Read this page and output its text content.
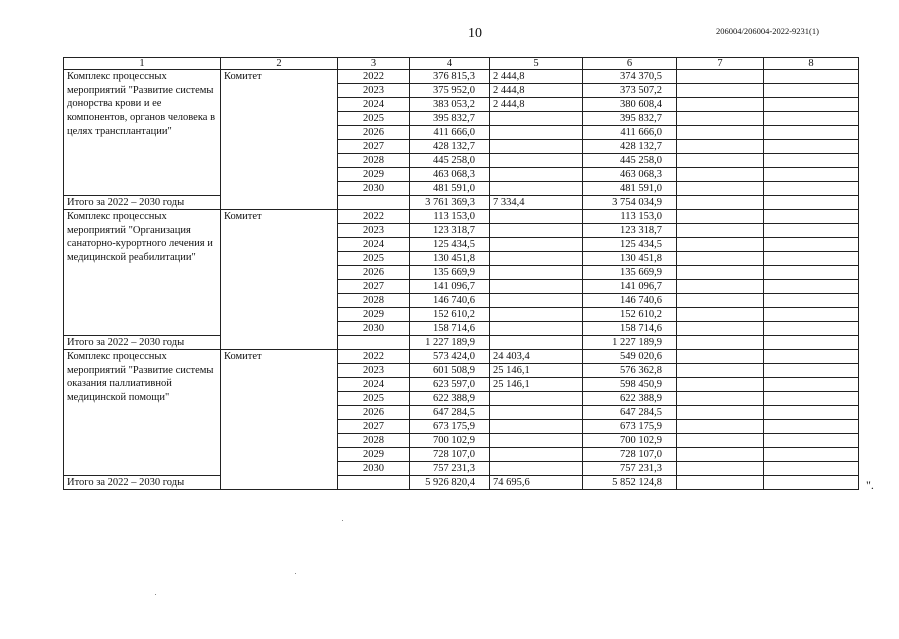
10	206004/206004-2022-9231(1)
1	2	3	4	5	6	7	8
Комплекс процессных мероприятий "Развитие системы донорства крови и ее компонентов, органов человека в целях трансплантации"	Комитет	2022	376 815,3	2 444,8	374 370,5		
		2023	375 952,0	2 444,8	373 507,2		
		2024	383 053,2	2 444,8	380 608,4		
		2025	395 832,7		395 832,7		
		2026	411 666,0		411 666,0		
		2027	428 132,7		428 132,7		
		2028	445 258,0		445 258,0		
		2029	463 068,3		463 068,3		
		2030	481 591,0		481 591,0		
Итого за 2022 – 2030 годы			3 761 369,3	7 334,4	3 754 034,9		
Комплекс процессных мероприятий "Организация санаторно-курортного лечения и медицинской реабилитации"	Комитет	2022	113 153,0		113 153,0		
		2023	123 318,7		123 318,7		
		2024	125 434,5		125 434,5		
		2025	130 451,8		130 451,8		
		2026	135 669,9		135 669,9		
		2027	141 096,7		141 096,7		
		2028	146 740,6		146 740,6		
		2029	152 610,2		152 610,2		
		2030	158 714,6		158 714,6		
Итого за 2022 – 2030 годы			1 227 189,9		1 227 189,9		
Комплекс процессных мероприятий "Развитие системы оказания паллиативной медицинской помощи"	Комитет	2022	573 424,0	24 403,4	549 020,6		
		2023	601 508,9	25 146,1	576 362,8		
		2024	623 597,0	25 146,1	598 450,9		
		2025	622 388,9		622 388,9		
		2026	647 284,5		647 284,5		
		2027	673 175,9		673 175,9		
		2028	700 102,9		700 102,9		
		2029	728 107,0		728 107,0		
		2030	757 231,3		757 231,3		
Итого за 2022 – 2030 годы			5 926 820,4	74 695,6	5 852 124,8			".
